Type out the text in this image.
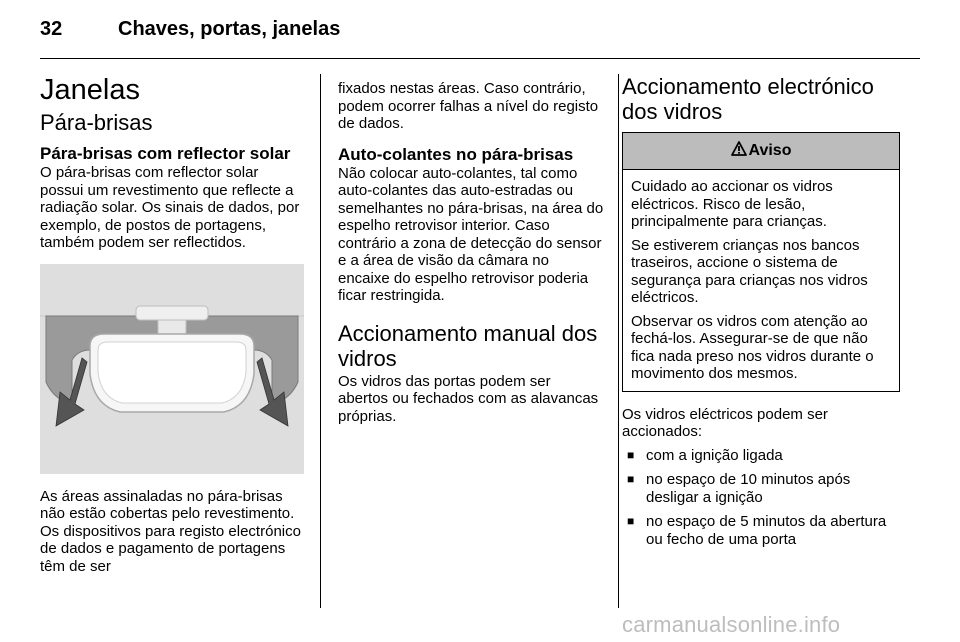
32	Chaves, portas, janelas
Janelas
Pára-brisas
Pára-brisas com reflector solar

O pára-brisas com reflector solar possui um revestimento que reflecte a radiação solar. Os sinais de dados, por exemplo, de postos de portagens, também podem ser reflectidos.

As áreas assinaladas no pára-brisas não estão cobertas pelo revestimento. Os dispositivos para registo electrónico de dados e pagamento de portagens têm de ser

fixados nestas áreas. Caso contrário, podem ocorrer falhas a nível do registo de dados.

Auto-colantes no pára-brisas

Não colocar auto-colantes, tal como auto-colantes das auto-estradas ou semelhantes no pára-brisas, na área do espelho retrovisor interior. Caso contrário a zona de detecção do sensor e a área de visão da câmara no encaixe do espelho retrovisor poderia ficar restringida.

Accionamento manual dos vidros

Os vidros das portas podem ser abertos ou fechados com as alavancas próprias.

Accionamento electrónico dos vidros
Aviso

Cuidado ao accionar os vidros eléctricos. Risco de lesão, principalmente para crianças.

Se estiverem crianças nos bancos traseiros, accione o sistema de segurança para crianças nos vidros eléctricos.

Observar os vidros com atenção ao fechá-los. Assegurar-se de que não fica nada preso nos vidros durante o movimento dos mesmos.

Os vidros eléctricos podem ser accionados:

■ com a ignição ligada
■ no espaço de 10 minutos após desligar a ignição
■ no espaço de 5 minutos da abertura ou fecho de uma porta
carmanualsonline.info
